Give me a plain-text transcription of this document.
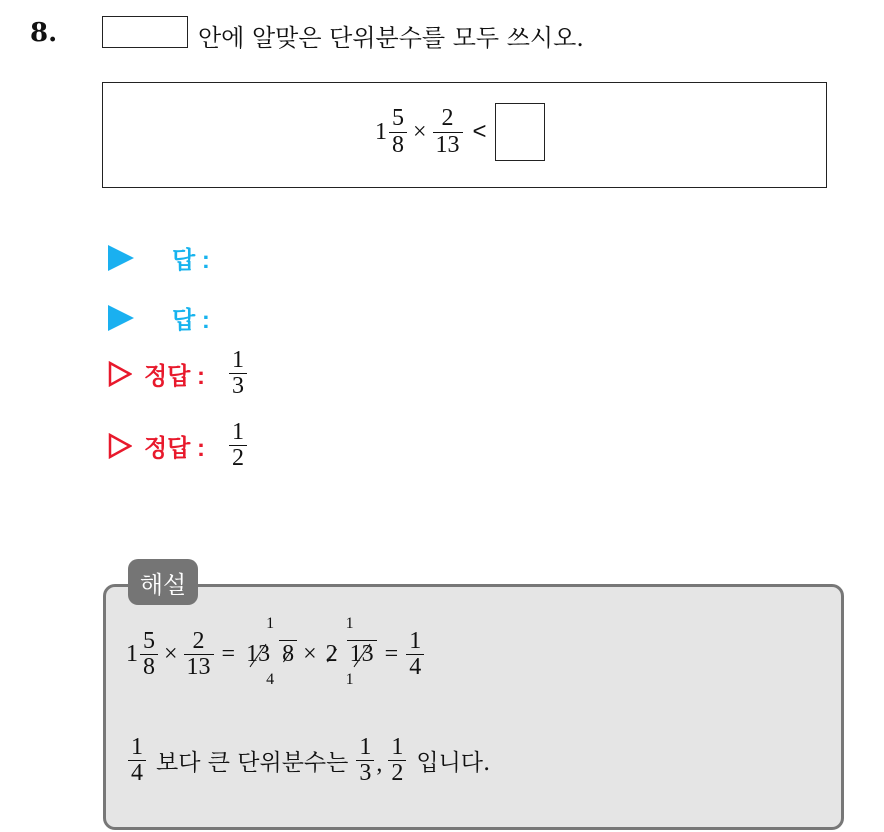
8.	안에 알맞은 단위분수를 모두 쓰시오.
$1 \frac{5}{8} \times \frac{2}{13}$ <
답 :
답 :
정답 : $\frac{1}{3}$
정답 : $\frac{1}{2}$
$1 \frac{5}{8} \times \frac{2}{13}$ =
1
13 8
4
×
1
2 13
1
= $\frac{1}{4}$
$\frac{1}{4}$ 보다 큰 단위분수는 $\frac{1}{3}$ , $\frac{1}{2}$ 입니다.
해설
